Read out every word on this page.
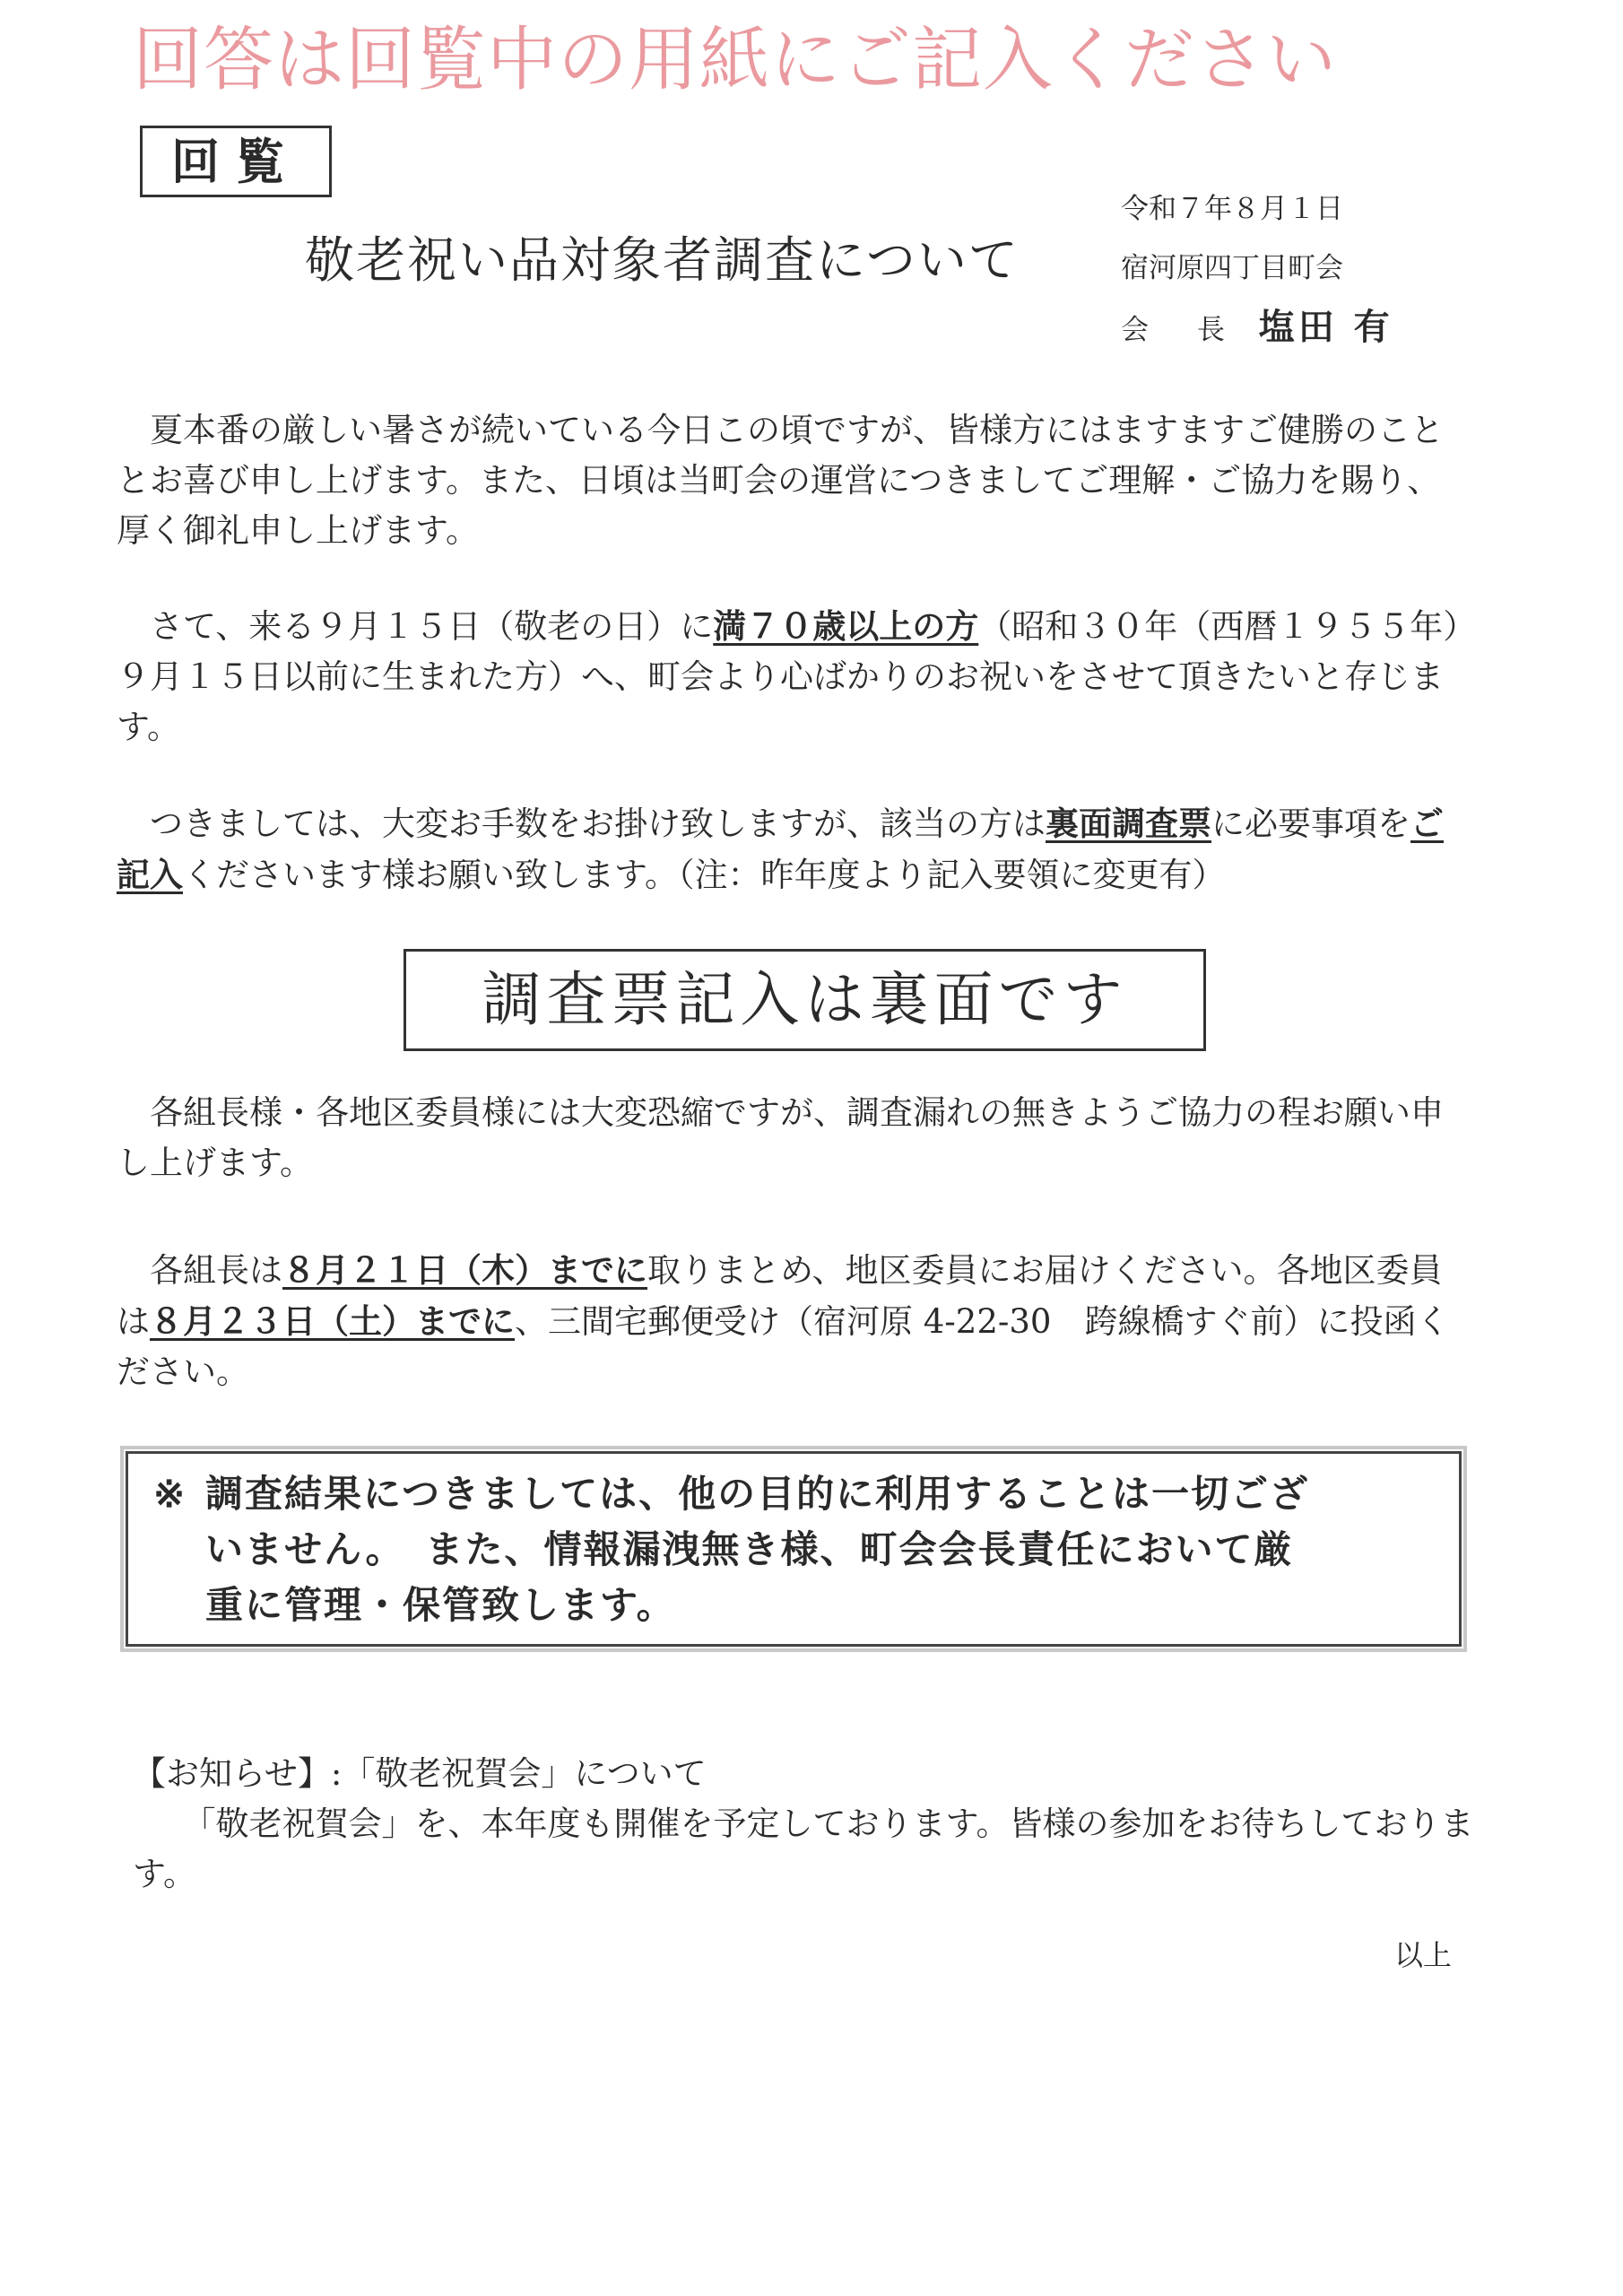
回答は回覧中の用紙にご記入ください
回覧
令和７年８月１日
宿河原四丁目町会
会 長 塩田 有
敬老祝い品対象者調査について

夏本番の厳しい暑さが続いている今日この頃ですが、皆様方にはますますご健勝のこととお喜び申し上げます。また、日頃は当町会の運営につきましてご理解・ご協力を賜り、厚く御礼申し上げます。

さて、来る９月１５日（敬老の日）に満７０歳以上の方（昭和３０年（西暦１９５５年）９月１５日以前に生まれた方）へ、町会より心ばかりのお祝いをさせて頂きたいと存じます。

つきましては、大変お手数をお掛け致しますが、該当の方は裏面調査票に必要事項をご記入くださいます様お願い致します。（注：昨年度より記入要領に変更有）

調査票記入は裏面です

各組長様・各地区委員様には大変恐縮ですが、調査漏れの無きようご協力の程お願い申し上げます。

各組長は８月２１日（木）までに取りまとめ、地区委員にお届けください。各地区委員は８月２３日（土）までに、三間宅郵便受け（宿河原 4-22-30　跨線橋すぐ前）に投函ください。

※ 調査結果につきましては、他の目的に利用することは一切ござ
いません。　また、情報漏洩無き様、町会会長責任において厳
重に管理・保管致します。

【お知らせ】:「敬老祝賀会」について

「敬老祝賀会」を、本年度も開催を予定しております。皆様の参加をお待ちしております。

以上
